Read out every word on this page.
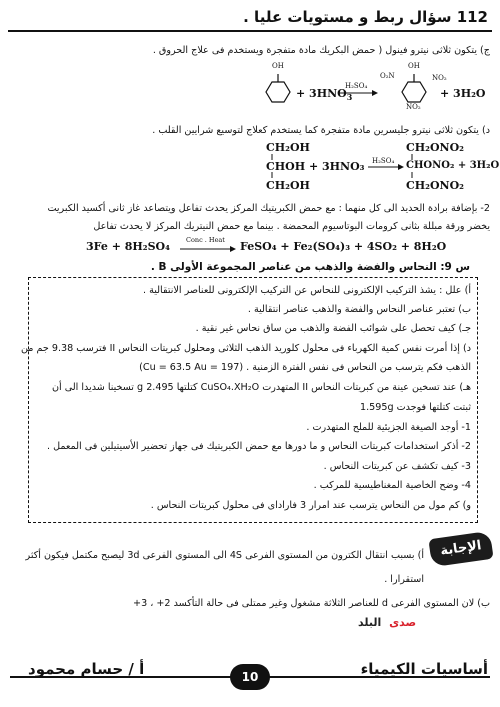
112 سؤال ربط و مستويات عليا .
ج) يتكون ثلاثى نيترو فينول ( حمض البكريك مادة متفجرة ويستخدم فى علاج الحروق .
OH
+ $3HNO_3$
H₂SO₄
O₂N
OH
NO₂
NO₂
+ 3H₂O
د) يتكون ثلاثى نيترو جليسرين مادة متفجرة كما يستخدم كعلاج لتوسيع شرايين القلب .
CH₂OH
CHOH + 3HNO₃
CH₂OH
H₂SO₄
CH₂ONO₂
CHONO₂ + 3H₂O
CH₂ONO₂
2- بإضافة برادة الحديد الى كل منهما : مع حمض الكبريتيك المركز يحدث تفاعل ويتصاعد غاز ثانى أكسيد الكبريت
يخضر ورقة مبللة بثانى كرومات البوتاسيوم المحمضة . بينما مع حمض النيتريك المركز لا يحدث تفاعل
3Fe + 8H₂SO₄ Conc . Heat FeSO₄ + Fe₂(SO₄)₃ + 4SO₂ + 8H₂O
س 9: النحاس والفضة والذهب من عناصر المجموعة الأولى B .
أ) علل : يشذ التركيب الإلكترونى للنحاس عن التركيب الإلكترونى للعناصر الانتقالية .
ب) تعتبر عناصر النحاس والفضة والذهب عناصر انتقالية .
جـ) كيف تحصل على شوائب الفضة والذهب من ساق نحاس غير نقية .
د) إذا أمرت نفس كمية الكهرباء فى محلول كلوريد الذهب الثلاثى ومحلول كبريتات النحاس II فترسب 9.38 جم من
الذهب فكم يترسب من النحاس فى نفس الفترة الزمنية . (Cu = 63.5 Au = 197)
هـ) عند تسخين عينة من كبريتات النحاس II المتهدرت CuSO₄.XH₂O كتلتها 2.495 g تسخينا شديدا الى أن
ثبتت كتلتها فوجدت 1.595g
1- أوجد الصيغة الجزيئية للملح المتهدرت .
2- أذكر استخدامات كبريتات النحاس و ما دورها مع حمض الكبريتيك فى جهاز تحضير الأسيتيلين فى المعمل .
3- كيف تكشف عن كبريتات النحاس .
4- وضح الخاصية المغناطيسية للمركب .
و) كم مول من النحاس يترسب عند امرار 3 فاراداى فى محلول كبريتات النحاس .
الإجابة
أ) بسبب انتقال الكترون من المستوى الفرعى 4S الى المستوى الفرعى 3d ليصبح مكتمل فيكون أكثر
استقرارا .
ب) لان المستوى الفرعى d للعناصر الثلاثة مشغول وغير ممتلى فى حالة التأكسد 2+ ، 3+
صدى البلد
أساسيات الكيمياء
10
أ / حسام محمود
